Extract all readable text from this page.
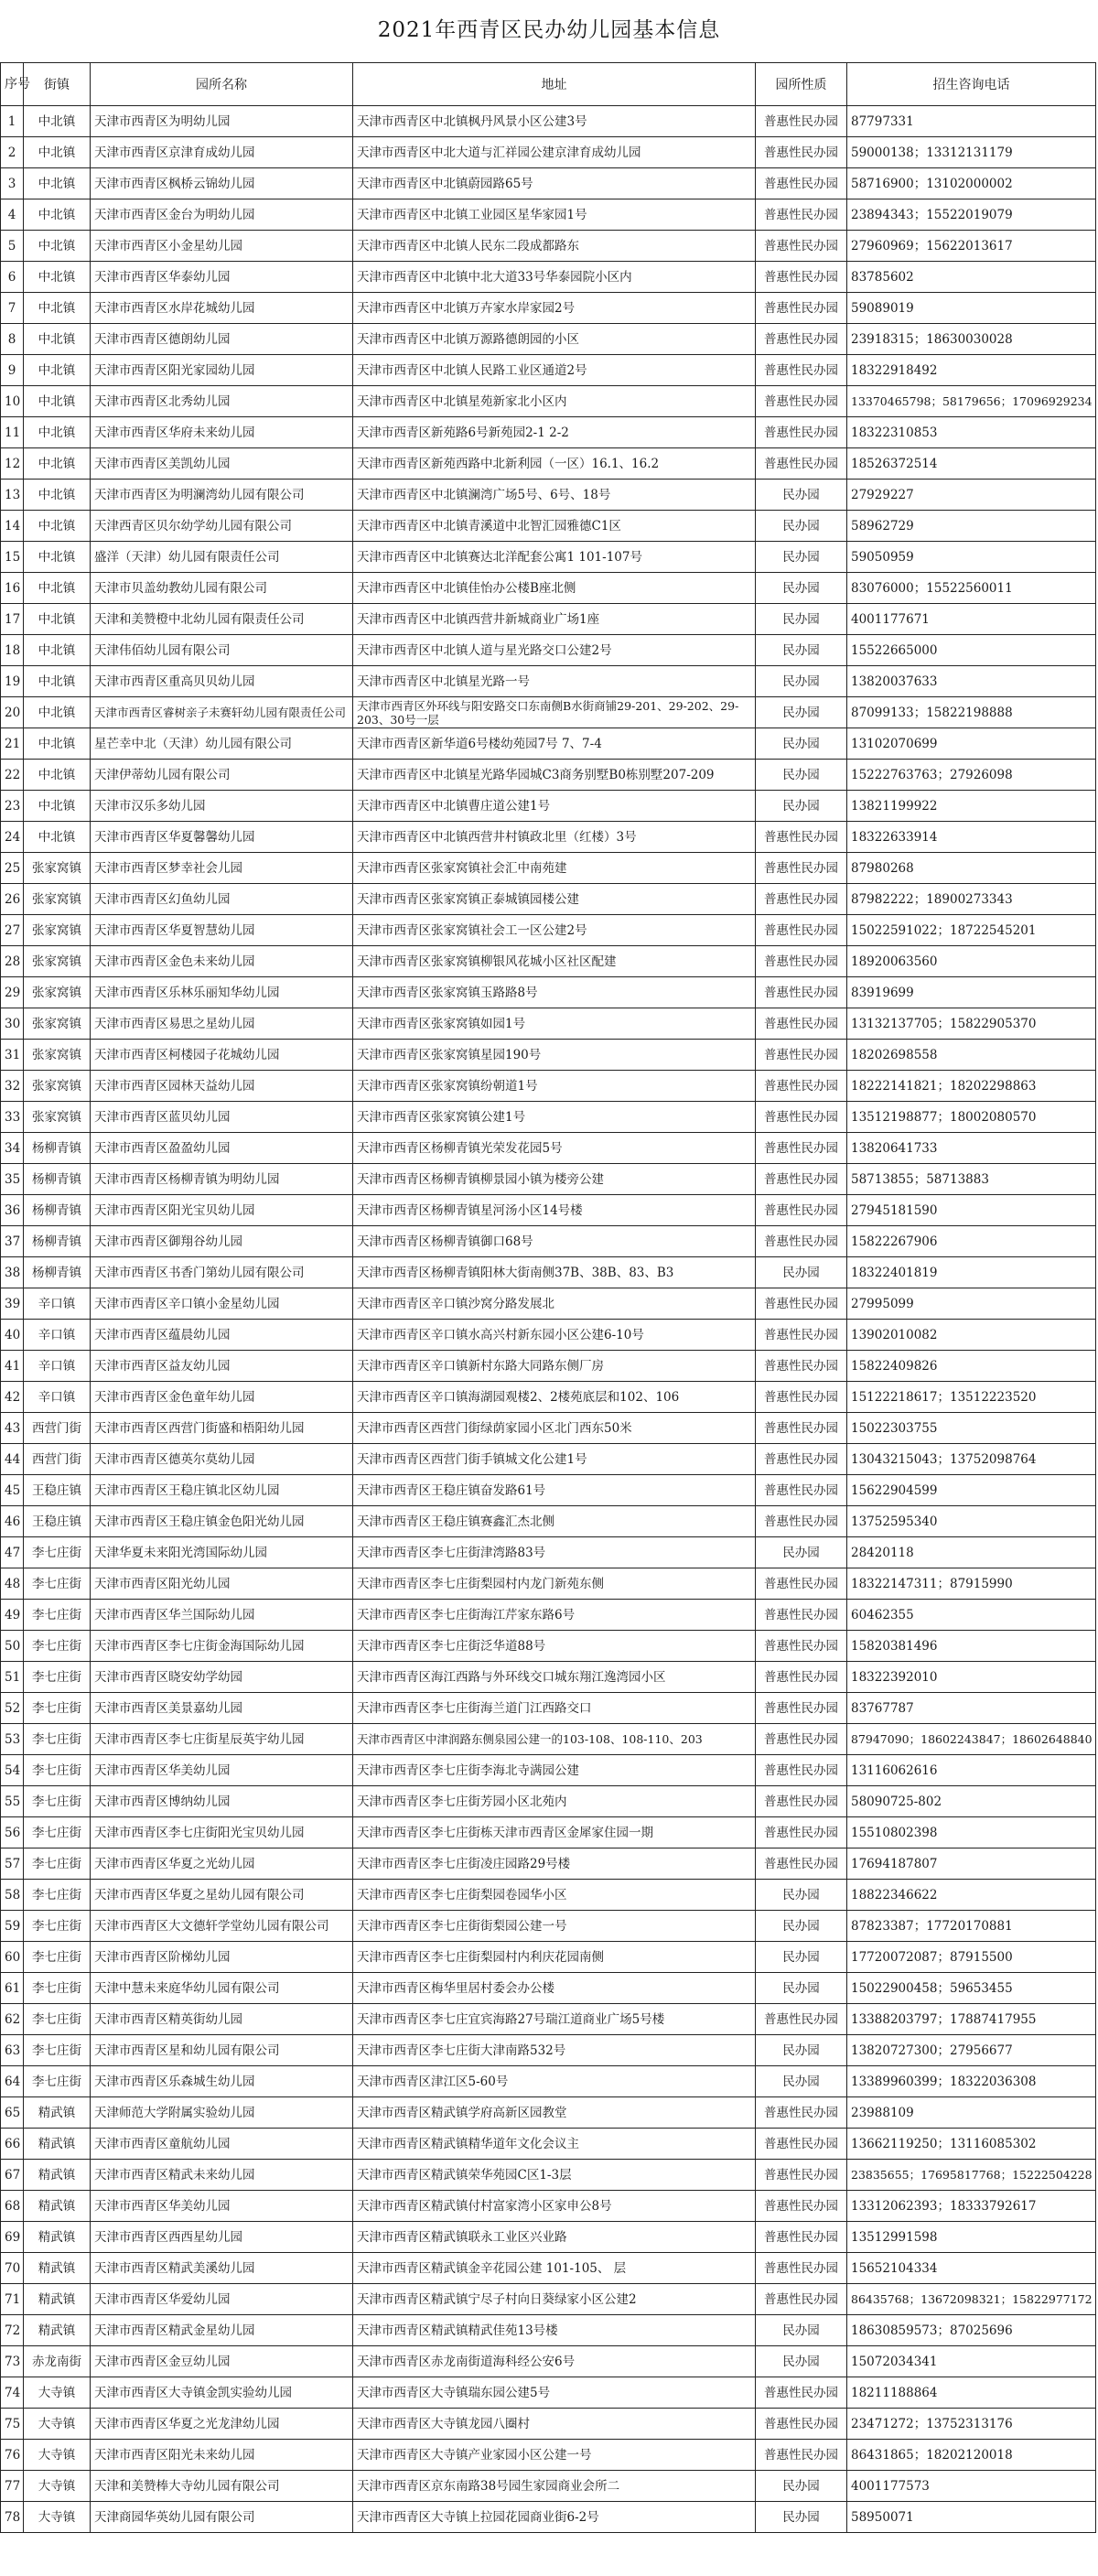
2021年西青区民办幼儿园基本信息
序号	街镇	园所名称	地址	园所性质	招生咨询电话
1	中北镇	天津市西青区为明幼儿园	天津市西青区中北镇枫丹风景小区公建3号	普惠性民办园	87797331
2	中北镇	天津市西青区京津育成幼儿园	天津市西青区中北大道与汇祥园公建京津育成幼儿园	普惠性民办园	59000138；13312131179
3	中北镇	天津市西青区枫桥云锦幼儿园	天津市西青区中北镇蔚园路65号	普惠性民办园	58716900；13102000002
4	中北镇	天津市西青区金台为明幼儿园	天津市西青区中北镇工业园区星华家园1号	普惠性民办园	23894343；15522019079
5	中北镇	天津市西青区小金星幼儿园	天津市西青区中北镇人民东二段成都路东	普惠性民办园	27960969；15622013617
6	中北镇	天津市西青区华泰幼儿园	天津市西青区中北镇中北大道33号华泰园院小区内	普惠性民办园	83785602
7	中北镇	天津市西青区水岸花城幼儿园	天津市西青区中北镇万卉家水岸家园2号	普惠性民办园	59089019
8	中北镇	天津市西青区德朗幼儿园	天津市西青区中北镇万源路德朗园的小区	普惠性民办园	23918315；18630030028
9	中北镇	天津市西青区阳光家园幼儿园	天津市西青区中北镇人民路工业区通道2号	普惠性民办园	18322918492
10	中北镇	天津市西青区北秀幼儿园	天津市西青区中北镇星苑新家北小区内	普惠性民办园	13370465798；58179656；17096929234
11	中北镇	天津市西青区华府未来幼儿园	天津市西青区新苑路6号新苑园2-1 2-2	普惠性民办园	18322310853
12	中北镇	天津市西青区美凯幼儿园	天津市西青区新苑西路中北新利园（一区）16.1、16.2	普惠性民办园	18526372514
13	中北镇	天津市西青区为明澜湾幼儿园有限公司	天津市西青区中北镇澜湾广场5号、6号、18号	民办园	27929227
14	中北镇	天津西青区贝尔幼学幼儿园有限公司	天津市西青区中北镇青溪道中北智汇园雅德C1区	民办园	58962729
15	中北镇	盛洋（天津）幼儿园有限责任公司	天津市西青区中北镇赛达北洋配套公寓1 101-107号	民办园	59050959
16	中北镇	天津市贝盖幼教幼儿园有限公司	天津市西青区中北镇佳怡办公楼B座北侧	民办园	83076000；15522560011
17	中北镇	天津和美赞橙中北幼儿园有限责任公司	天津市西青区中北镇西营井新城商业广场1座	民办园	4001177671
18	中北镇	天津伟佰幼儿园有限公司	天津市西青区中北镇人道与星光路交口公建2号	民办园	15522665000
19	中北镇	天津市西青区重高贝贝幼儿园	天津市西青区中北镇星光路一号	民办园	13820037633
20	中北镇	天津市西青区睿树亲子未赛轩幼儿园有限责任公司	天津市西青区外环线与阳安路交口东南侧B水街商铺29-201、29-202、29-203、30号一层	民办园	87099133；15822198888
21	中北镇	星芒幸中北（天津）幼儿园有限公司	天津市西青区新华道6号楼幼苑园7号 7、7-4	民办园	13102070699
22	中北镇	天津伊蒂幼儿园有限公司	天津市西青区中北镇星光路华园城C3商务别墅B0栋别墅207-209	民办园	15222763763；27926098
23	中北镇	天津市汉乐多幼儿园	天津市西青区中北镇曹庄道公建1号	民办园	13821199922
24	中北镇	天津市西青区华夏馨馨幼儿园	天津市西青区中北镇西营井村镇政北里（红楼）3号	普惠性民办园	18322633914
25	张家窝镇	天津市西青区梦幸社会儿园	天津市西青区张家窝镇社会汇中南苑建	普惠性民办园	87980268
26	张家窝镇	天津市西青区幻鱼幼儿园	天津市西青区张家窝镇正泰城镇园楼公建	普惠性民办园	87982222；18900273343
27	张家窝镇	天津市西青区华夏智慧幼儿园	天津市西青区张家窝镇社会工一区公建2号	普惠性民办园	15022591022；18722545201
28	张家窝镇	天津市西青区金色未来幼儿园	天津市西青区张家窝镇柳银风花城小区社区配建	普惠性民办园	18920063560
29	张家窝镇	天津市西青区乐林乐丽知华幼儿园	天津市西青区张家窝镇玉路路8号	普惠性民办园	83919699
30	张家窝镇	天津市西青区易思之星幼儿园	天津市西青区张家窝镇如园1号	普惠性民办园	13132137705；15822905370
31	张家窝镇	天津市西青区柯楼园子花城幼儿园	天津市西青区张家窝镇星园190号	普惠性民办园	18202698558
32	张家窝镇	天津市西青区园林天益幼儿园	天津市西青区张家窝镇纷朝道1号	普惠性民办园	18222141821；18202298863
33	张家窝镇	天津市西青区蓝贝幼儿园	天津市西青区张家窝镇公建1号	普惠性民办园	13512198877；18002080570
34	杨柳青镇	天津市西青区盈盈幼儿园	天津市西青区杨柳青镇光荣发花园5号	普惠性民办园	13820641733
35	杨柳青镇	天津市西青区杨柳青镇为明幼儿园	天津市西青区杨柳青镇柳景园小镇为楼旁公建	普惠性民办园	58713855；58713883
36	杨柳青镇	天津市西青区阳光宝贝幼儿园	天津市西青区杨柳青镇星河汤小区14号楼	普惠性民办园	27945181590
37	杨柳青镇	天津市西青区御翔谷幼儿园	天津市西青区杨柳青镇御口68号	普惠性民办园	15822267906
38	杨柳青镇	天津市西青区书香门第幼儿园有限公司	天津市西青区杨柳青镇阳林大街南侧37B、38B、83、B3	民办园	18322401819
39	辛口镇	天津市西青区辛口镇小金星幼儿园	天津市西青区辛口镇沙窝分路发展北	普惠性民办园	27995099
40	辛口镇	天津市西青区蕴晨幼儿园	天津市西青区辛口镇水高兴村新东园小区公建6-10号	普惠性民办园	13902010082
41	辛口镇	天津市西青区益友幼儿园	天津市西青区辛口镇新村东路大同路东侧厂房	普惠性民办园	15822409826
42	辛口镇	天津市西青区金色童年幼儿园	天津市西青区辛口镇海湖园观楼2、2楼苑底层和102、106	普惠性民办园	15122218617；13512223520
43	西营门街	天津市西青区西营门街盛和梧阳幼儿园	天津市西青区西营门街绿荫家园小区北门西东50米	普惠性民办园	15022303755
44	西营门街	天津市西青区德英尔莫幼儿园	天津市西青区西营门街手镇城文化公建1号	普惠性民办园	13043215043；13752098764
45	王稳庄镇	天津市西青区王稳庄镇北区幼儿园	天津市西青区王稳庄镇奋发路61号	普惠性民办园	15622904599
46	王稳庄镇	天津市西青区王稳庄镇金色阳光幼儿园	天津市西青区王稳庄镇赛鑫汇杰北侧	普惠性民办园	13752595340
47	李七庄街	天津华夏未来阳光湾国际幼儿园	天津市西青区李七庄街津湾路83号	民办园	28420118
48	李七庄街	天津市西青区阳光幼儿园	天津市西青区李七庄街梨园村内龙门新苑东侧	普惠性民办园	18322147311；87915990
49	李七庄街	天津市西青区华兰国际幼儿园	天津市西青区李七庄街海江芹家东路6号	普惠性民办园	60462355
50	李七庄街	天津市西青区李七庄街金海国际幼儿园	天津市西青区李七庄街泛华道88号	普惠性民办园	15820381496
51	李七庄街	天津市西青区晓安幼学幼园	天津市西青区海江西路与外环线交口城东翔江逸湾园小区	普惠性民办园	18322392010
52	李七庄街	天津市西青区美景嘉幼儿园	天津市西青区李七庄街海兰道门江西路交口	普惠性民办园	83767787
53	李七庄街	天津市西青区李七庄街星辰英宇幼儿园	天津市西青区中津润路东侧泉园公建一的103-108、108-110、203	普惠性民办园	87947090；18602243847；18602648840
54	李七庄街	天津市西青区华美幼儿园	天津市西青区李七庄街李海北寺满园公建	普惠性民办园	13116062616
55	李七庄街	天津市西青区博纳幼儿园	天津市西青区李七庄街芳园小区北苑内	普惠性民办园	58090725-802
56	李七庄街	天津市西青区李七庄街阳光宝贝幼儿园	天津市西青区李七庄街栋天津市西青区金犀家住园一期	普惠性民办园	15510802398
57	李七庄街	天津市西青区华夏之光幼儿园	天津市西青区李七庄街凌庄园路29号楼	普惠性民办园	17694187807
58	李七庄街	天津市西青区华夏之星幼儿园有限公司	天津市西青区李七庄街梨园卷园华小区	民办园	18822346622
59	李七庄街	天津市西青区大文德轩学堂幼儿园有限公司	天津市西青区李七庄街街梨园公建一号	民办园	87823387；17720170881
60	李七庄街	天津市西青区阶梯幼儿园	天津市西青区李七庄街梨园村内利庆花园南侧	民办园	17720072087；87915500
61	李七庄街	天津中慧未来庭华幼儿园有限公司	天津市西青区梅华里居村委会办公楼	民办园	15022900458；59653455
62	李七庄街	天津市西青区精英街幼儿园	天津市西青区李七庄宜宾海路27号瑞江道商业广场5号楼	普惠性民办园	13388203797；17887417955
63	李七庄街	天津市西青区星和幼儿园有限公司	天津市西青区李七庄街大津南路532号	民办园	13820727300；27956677
64	李七庄街	天津市西青区乐森城生幼儿园	天津市西青区津江区5-60号	民办园	13389960399；18322036308
65	精武镇	天津师范大学附属实验幼儿园	天津市西青区精武镇学府高新区园教堂	普惠性民办园	23988109
66	精武镇	天津市西青区童航幼儿园	天津市西青区精武镇精华道年文化会议主	普惠性民办园	13662119250；13116085302
67	精武镇	天津市西青区精武未来幼儿园	天津市西青区精武镇荣华苑园C区1-3层	普惠性民办园	23835655；17695817768；15222504228
68	精武镇	天津市西青区华美幼儿园	天津市西青区精武镇付村富家湾小区家申公8号	普惠性民办园	13312062393；18333792617
69	精武镇	天津市西青区西西星幼儿园	天津市西青区精武镇联永工业区兴业路	普惠性民办园	13512991598
70	精武镇	天津市西青区精武美溪幼儿园	天津市西青区精武镇金辛花园公建 101-105、 层	普惠性民办园	15652104334
71	精武镇	天津市西青区华爱幼儿园	天津市西青区精武镇宁尽子村向日葵绿家小区公建2	普惠性民办园	86435768；13672098321；15822977172
72	精武镇	天津市西青区精武金星幼儿园	天津市西青区精武镇精武佳苑13号楼	民办园	18630859573；87025696
73	赤龙南街	天津市西青区金豆幼儿园	天津市西青区赤龙南街道海科经公安6号	民办园	15072034341
74	大寺镇	天津市西青区大寺镇金凯实验幼儿园	天津市西青区大寺镇瑞东园公建5号	普惠性民办园	18211188864
75	大寺镇	天津市西青区华夏之光龙津幼儿园	天津市西青区大寺镇龙园八圈村	普惠性民办园	23471272；13752313176
76	大寺镇	天津市西青区阳光未来幼儿园	天津市西青区大寺镇产业家园小区公建一号	普惠性民办园	86431865；18202120018
77	大寺镇	天津和美赞棒大寺幼儿园有限公司	天津市西青区京东南路38号园生家园商业会所二	民办园	4001177573
78	大寺镇	天津商园华英幼儿园有限公司	天津市西青区大寺镇上拉园花园商业街6-2号	民办园	58950071
